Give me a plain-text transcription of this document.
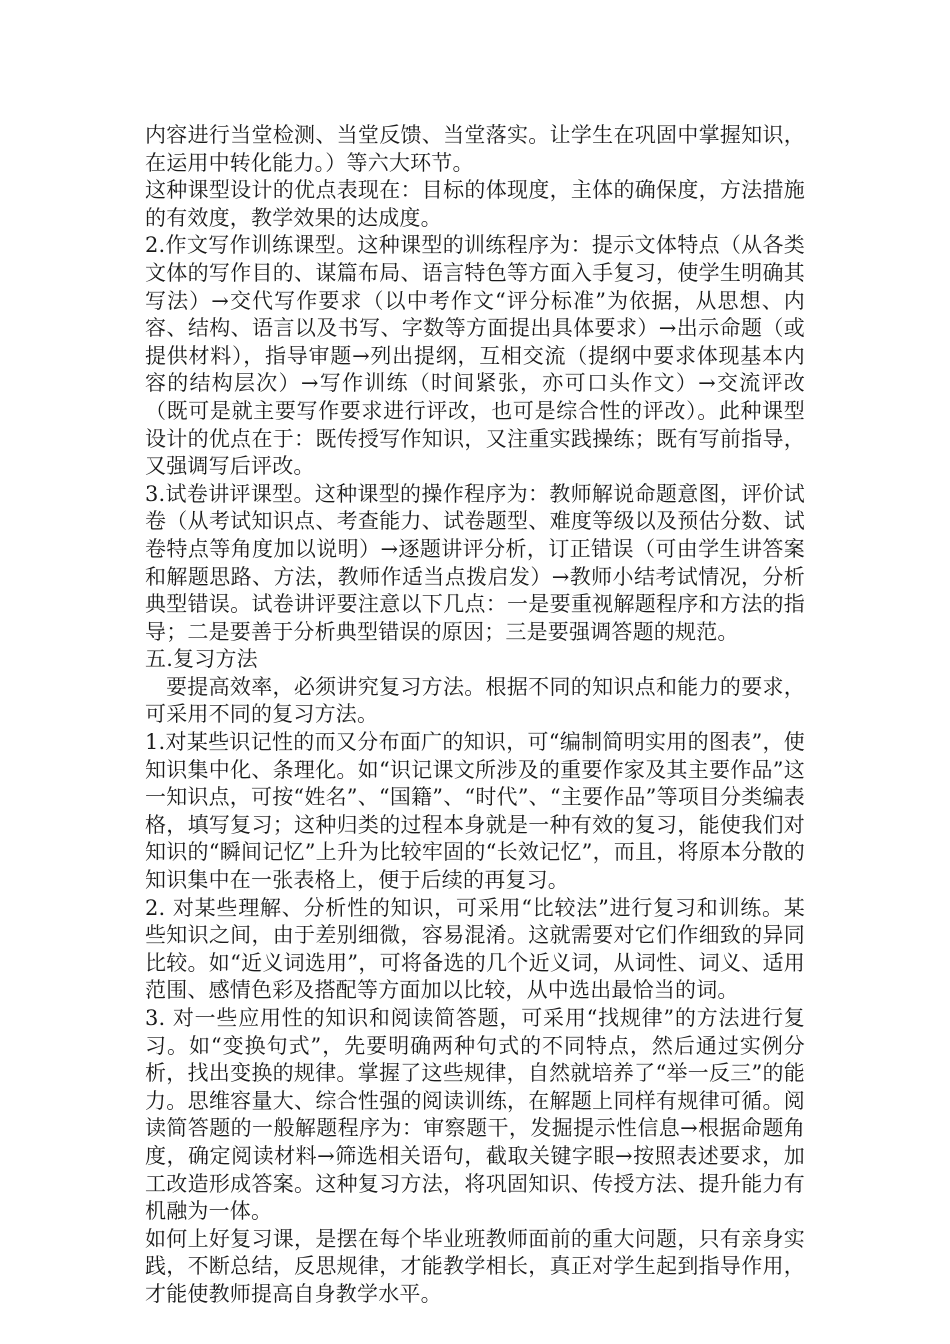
内容进行当堂检测、当堂反馈、当堂落实。让学生在巩固中掌握知识，在运用中转化能力。）等六大环节。

这种课型设计的优点表现在：目标的体现度，主体的确保度，方法措施的有效度，教学效果的达成度。

2.作文写作训练课型。这种课型的训练程序为：提示文体特点（从各类文体的写作目的、谋篇布局、语言特色等方面入手复习，使学生明确其写法）→交代写作要求（以中考作文“评分标准”为依据，从思想、内容、结构、语言以及书写、字数等方面提出具体要求）→出示命题（或提供材料），指导审题→列出提纲，互相交流（提纲中要求体现基本内容的结构层次）→写作训练（时间紧张，亦可口头作文）→交流评改（既可是就主要写作要求进行评改，也可是综合性的评改）。此种课型设计的优点在于：既传授写作知识，又注重实践操练；既有写前指导，又强调写后评改。

3.试卷讲评课型。这种课型的操作程序为：教师解说命题意图，评价试卷（从考试知识点、考查能力、试卷题型、难度等级以及预估分数、试卷特点等角度加以说明）→逐题讲评分析，订正错误（可由学生讲答案和解题思路、方法，教师作适当点拨启发）→教师小结考试情况，分析典型错误。试卷讲评要注意以下几点：一是要重视解题程序和方法的指导；二是要善于分析典型错误的原因；三是要强调答题的规范。

五.复习方法

要提高效率，必须讲究复习方法。根据不同的知识点和能力的要求，可采用不同的复习方法。

1.对某些识记性的而又分布面广的知识，可“编制简明实用的图表”，使知识集中化、条理化。如“识记课文所涉及的重要作家及其主要作品”这一知识点，可按“姓名”、“国籍”、“时代”、“主要作品”等项目分类编表格，填写复习；这种归类的过程本身就是一种有效的复习，能使我们对知识的“瞬间记忆”上升为比较牢固的“长效记忆”，而且，将原本分散的知识集中在一张表格上，便于后续的再复习。

2. 对某些理解、分析性的知识，可采用“比较法”进行复习和训练。某些知识之间，由于差别细微，容易混淆。这就需要对它们作细致的异同比较。如“近义词选用”，可将备选的几个近义词，从词性、词义、适用范围、感情色彩及搭配等方面加以比较，从中选出最恰当的词。

3. 对一些应用性的知识和阅读简答题，可采用“找规律”的方法进行复习。如“变换句式”，先要明确两种句式的不同特点，然后通过实例分析，找出变换的规律。掌握了这些规律，自然就培养了“举一反三”的能力。思维容量大、综合性强的阅读训练，在解题上同样有规律可循。阅读简答题的一般解题程序为：审察题干，发掘提示性信息→根据命题角度，确定阅读材料→筛选相关语句，截取关键字眼→按照表述要求，加工改造形成答案。这种复习方法，将巩固知识、传授方法、提升能力有机融为一体。

如何上好复习课，是摆在每个毕业班教师面前的重大问题，只有亲身实践，不断总结，反思规律，才能教学相长，真正对学生起到指导作用，才能使教师提高自身教学水平。
